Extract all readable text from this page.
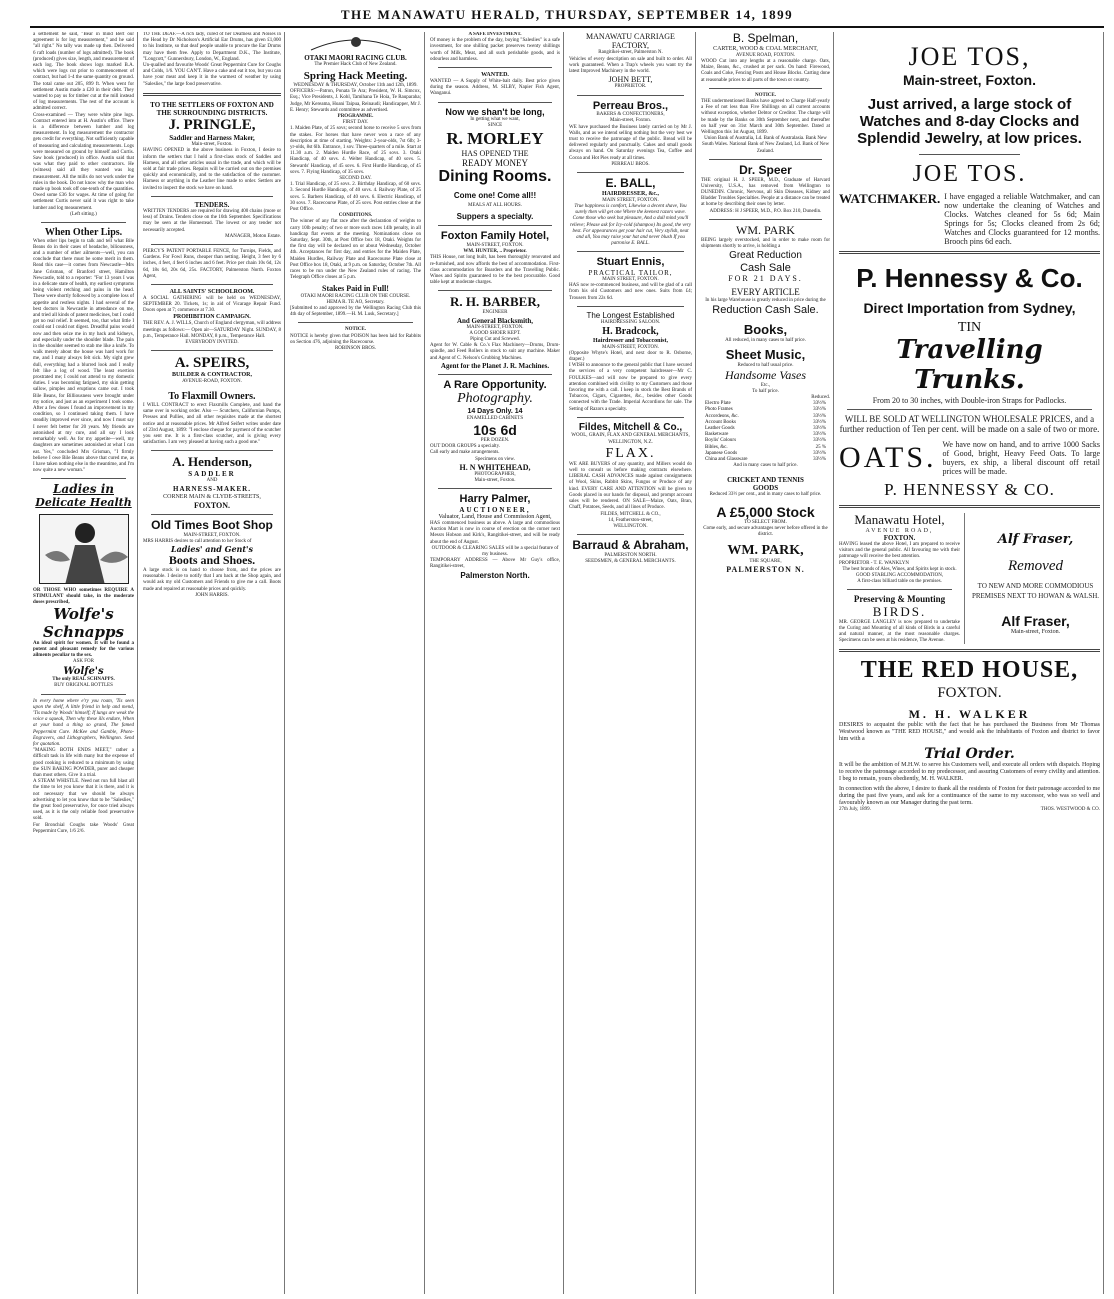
THE MANAWATU HERALD, THURSDAY, SEPTEMBER 14, 1899
a settlement he said, "Bear in mind Bert our agreement is for log measurement," and he said "all right." No tally was made up then. Delivered 6 raft loads (number of logs admitted). The book (produced) gives size, length, and measurement of each log. The book shows logs marked B.A. which were logs cut prior to commencement of contract, but had 1-4 the same quantity on ground. The total came out 205, 899 ft. When went for settlement Austin made a £20 in their debt. They wanted to pay us for timber cut at the mill instead of log measurements. The rest of the account is admitted correct.
Cross-examined — They were white pine logs. Contract entered into at H. Austin's office. There is a difference between lumber and log measurement. In log measurement the contractor gets credit for everything. Not sufficiently capable of measuring and calculating measurements. Logs were measured on ground by himself and Curtis. Saw book (produced) in office. Austin said that was what they paid to other contractors. He (witness) said all they wanted was log measurement. All the mills do not work under the rules in the book. Do not know why the man who made up book took off one-tenth of the quantities. Owed some £36 for wages. At time of going for settlement Curtis never said it was right to take lumber and log measurement.
(Left sitting.)
When Other Lips.
When other lips begin to talk and tell what Bile Beans do in their cases of headache, biliousness, and a number of other ailments—well, you can conclude that there must be some merit in them. Read this case—it comes from Newcastle—Mrs Jane Grisman, of Branford street, Hamilton Newcastle, told to a reporter: "For 13 years I was in a delicate state of health, my earliest symptoms being violent retching and pains in the head. These were shortly followed by a complete loss of appetite and restless nights. I had several of the best doctors in Newcastle in attendance on me, and tried all kinds of patent medicines, but I could get no real relief. It seemed, too, that what little I could eat I could not digest. Dreadful pains would now and then seize me in my back and kidneys, and especially under the shoulder blade. The pain in the shoulder seemed to stab me like a knife. To walk merely about the house was hard work for me, and I many always felt sick. My sight grew dull, everything had a blurred look and I really felt like a log of wood. The least exertion prostrated me; I could not attend to my domestic duties. I was becoming fatigued, my skin getting sallow, pimples and eruptions came out. I took Bile Beans, for Billiousness were brought under my notice, and just as an experiment I took some. After a few doses I found an improvement in my condition, so I continued taking them. I have steadily improved ever since, and now I must say I never felt better for 20 years. My friends are astonished at my cure, and all say I look remarkably well. As for my appetite—well, my daughters are sometimes astonished at what I can eat. Yes," concluded Mrs Grisman, "I firmly believe I owe Bile Beans above that cured me, as I have taken nothing else in the meantime, and I'm now quite a new woman."
Ladies in
Delicate Health
OR THOSE WHO sometimes REQUIRE A STIMULANT should take, in the moderate doses prescribed,
Wolfe's
Schnapps
An ideal spirit for women. It will be found a potent and pleasant remedy for the various ailments peculiar to the sex.
ASK FOR
Wolfe's
The only REAL SCHNAPPS.
BUY ORIGINAL BOTTLES
In every home where e'ry you roam, 'Tis seen upon the shelf, A little friend in help and mend, 'Tis made by Woods' himself; If lungs are weak the voice a squeak, Then why these ills endure, When at your hand a thing so grand, The famed Peppermint Cure. McKee and Gamble, Photo-Engravers, and Lithographers, Wellington. Send for quotation.
"MAKING BOTH ENDS MEET," rather a difficult task in life with many but the expense of good cooking is reduced to a minimum by using the SUN BAKING POWDER, purer and cheaper than most others. Give it a trial.
A STEAM WHISTLE. Need not run full blast all the time to let you know that it is there, and it is not necessary that we should be always advertising to let you know that to be "Saleslies," the great food preservative, for once tried always used, as it is the only reliable food preservative sold.
For Bronchial Coughs take Woods' Great Peppermint Cure, 1/6 2/6.
TO THE DEAF.—A rich lady, cured of her Deafness and Noises in the Head by Dr Nicholson's Artificial Ear Drums, has given £1,000 to his Institute, so that deaf people unable to procure the Ear Drums may have them free. Apply to Department D.K., The Institute, "Longcott," Gunnersbury, London, W., England.
Un-qualled and favourite Woods' Great Peppermint Cure for Coughs and Colds, 1/6. YOU CAN'T. Have a cake and eat it too, but you can have your meat and keep it in the warmest of weather by using "Saleslies," the large food preservative.
TO THE SETTLERS OF FOXTON AND THE SURROUNDING DISTRICTS.
J. PRINGLE,
Saddler and Harness Maker,
Main-street, Foxton.
HAVING OPENED in the above business in Foxton, I desire to inform the settlers that I hold a first-class stock of Saddles and Harness, and all other articles usual in the trade, and which will be sold at fair trade prices. Repairs will be carried out on the premises quickly and economically, and to the satisfaction of the customer. Harness or anything in the Leather line made to order. Settlers are invited to inspect the stock we have on hand.
TENDERS.
WRITTEN TENDERS are required for drawing 400 chains (more or less) of Drains. Tenders close on the 16th September. Specifications may be seen at the Homestead. The lowest or any tender not necessarily accepted.
MANAGER, Moton Estate.
PIERCY'S PATENT PORTABLE FENCE, for Turnips, Fields, and Gardens. For Fowl Runs, cheaper than netting. Height, 3 feet by 6 inches, 4 feet, 4 feet 6 inches and 6 feet. Price per chain 10s 6d, 12s 6d, 18s 6d, 20s 6d, 25s. FACTORY, Palmerston North. Foxton Agent,
ALL SAINTS' SCHOOLROOM.
A SOCIAL GATHERING will be held on WEDNESDAY, SEPTEMBER 20. Tickets, 1s; in aid of Vicarage Repair Fund. Doors open at 7; commence at 7.30.
PROHIBITION CAMPAIGN.
THE REV. A. J. WILLS, Church of England clergyman, will address meetings as follows:— Open air—SATURDAY Night. SUNDAY, 8 p.m., Temperance Hall. MONDAY, 8 p.m., Temperance Hall.
EVERYBODY INVITED.
A. SPEIRS,
BUILDER & CONTRACTOR,
AVENUE-ROAD, FOXTON.
To Flaxmill Owners.
I WILL CONTRACT to erect Flaxmills Complete, and hand the same over in working order. Also — Scutchers, Californian Pumps, Presses and Pullies, and all other requisites made at the shortest notice and at reasonable prices. Mr Alfred Seifert writes under date of 23rd August, 1899: "I enclose cheque for payment of the scutcher you sent me. It is a first-class scutcher, and is giving every satisfaction. I am very pleased at having such a good one."
A. Henderson,
SADDLER
AND
HARNESS-MAKER.
CORNER MAIN & CLYDE-STREETS,
FOXTON.
Old Times Boot Shop
MAIN-STREET, FOXTON.
MRS HARRIS desires to call attention to her Stock of
Ladies' and Gent's
Boots and Shoes.
A large stock is on hand to choose from, and the prices are reasonable. I desire to notify that I am back at the Shop again, and would ask my old Customers and Friends to give me a call. Boots made and repaired at reasonable prices and quickly.
JOHN HARRIS.
OTAKI MAORI RACING CLUB.
The Premier Hack Club of New Zealand.
Spring Hack Meeting.
WEDNESDAY & THURSDAY, October 11th and 12th, 1899.
OFFICERS:—Patron, Ponata Te Ara; President, W. H. Simcox, Esq.; Vice Presidents, J. Kohl, Tamihana Te Hoia, Te Rauparaha; Judge, Mr Kereama, Hoani Taipua, Reinaudi; Handicapper, Mr J. E. Henry; Stewards and committee as advertised.
PROGRAMME.
FIRST DAY.
1. Maiden Plate, of 25 sovs; second horse to receive 5 sovs from the stakes. For horses that have never won a race of any description at time of starting. Weights: 2-year-olds, 7st 6lb; 3-yr-olds, 8st 6lb. Entrance, 1 sov. Three-quarters of a mile. Start at 11.30 a.m. 2. Maiden Hurdle Race, of 25 sovs. 3. Otaki Handicap, of 40 sovs. 4. Welter Handicap, of 40 sovs. 5. Stewards' Handicap, of 45 sovs. 6. First Hurdle Handicap, of 45 sovs. 7. Flying Handicap, of 35 sovs.
SECOND DAY.
1. Trial Handicap, of 25 sovs. 2. Birthday Handicap, of 60 sovs. 3. Second Hurdle Handicap, of 40 sovs. 4. Railway Plate, of 25 sovs. 5. Barbers Handicap, of 40 sovs. 6. Electric Handicap, of 30 sovs. 7. Racecourse Plate, of 25 sovs. Post entries close at the Post Office.
CONDITIONS.
The winner of any flat race after the declaration of weights to carry 10lb penalty; of two or more such races 14lb penalty, in all handicap flat events at the meeting. Nominations close on Saturday, Sept. 30th, at Post Office box 18, Otaki. Weights for the first day will be declared on or about Wednesday, October 4th. Acceptances for first day, and entries for the Maiden Plate, Maiden Hurdles, Railway Plate and Racecourse Plate close at Post Office box 18, Otaki, at 9 p.m. on Saturday, October 7th. All races to be run under the New Zealand rules of racing. The Telegraph Office closes at 5 p.m.
Stakes Paid in Full!
OTAKI MAORI RACING CLUB ON THE COURSE.
HEMA R. TE AO, Secretary.
[Submitted to and approved by the Wellington Racing Club this 4th day of September, 1899.—H. M. Lusk, Secretary.]
NOTICE.
NOTICE is hereby given that POISON has been laid for Rabbits on Section 476, adjoining the Racecourse.
ROBINSON BROS.
A SAFE INVESTMENT.
Of money is the problem of the day, buying "Saleslies" is a safe investment, for one shilling packet preserves twenty shillings worth of Milk, Meat, and all such perishable goods, and is odourless and harmless.
WANTED.
WANTED — A Supply of White-bait daily. Best price given during the season. Address, M. SILBY, Napier Fish Agent, Wanganui.
Now we shan't be long,
In getting what we want,
SINCE
R. MORLEY
HAS OPENED THE
READY MONEY
Dining Rooms.
Come one! Come all!!
MEALS AT ALL HOURS.
Suppers a specialty.
Foxton Family Hotel,
MAIN-STREET, FOXTON.
WM. HUNTER, .. Proprietor.
THIS House, not long built, has been thoroughly renovated and re-furnished, and now affords the best of accommodation. First-class accommodation for Boarders and the Travelling Public. Wines and Spirits guaranteed to be the best procurable. Good table kept at moderate charges.
R. H. BARBER,
ENGINEER
And General Blacksmith,
MAIN-STREET, FOXTON.
A GOOD SHOER KEPT.
Piping Cut and Screwed.
Agent for W. Cable & Co.'s Flax Machinery—Drums, Drum-spindle, and Feed Rollers in stock to suit any machine. Maker and Agent of C. Nelson's Grubbing Machines.
Agent for the Planet J. R. Machines.
A Rare Opportunity.
Photography.
14 Days Only. 14
ENAMELLED CABINETS
10s 6d
PER DOZEN.
OUT DOOR GROUPS a specialty.
Call early and make arrangements.
Specimens on view.
H. N WHITEHEAD,
PHOTOGRAPHER,
Main-street, Foxton.
Harry Palmer,
AUCTIONEER,
Valuator, Land, House and Commission Agent,
HAS commenced business as above. A large and commodious Auction Mart is now in course of erection on the corner next Messrs Hobson and Kirk's, Rangitikei-street, and will be ready about the end of August.
OUTDOOR & CLEARING SALES will be a special feature of my business.
TEMPORARY ADDRESS — Above Mr Guy's office, Rangitikei-street,
Palmerston North.
MANAWATU CARRIAGE FACTORY,
Rangitikei-street, Palmerston N.
Vehicles of every description on sale and built to order. All work guaranteed. When a Trap's wheels you want try the latest Improved Machinery in the world.
JOHN BETT,
PROPRIETOR.
Perreau Bros.,
BAKERS & CONFECTIONERS,
Main-street, Foxton.
WE have purchased the Business lately carried on by Mr J. Walls, and as we intend selling nothing but the very best we trust to receive the patronage of the public. Bread will be delivered regularly and punctually. Cakes and small goods always on hand. On Saturday evenings Tea, Coffee and Cocoa and Hot Pies ready at all times.
PERREAU BROS.
E. BALL,
HAIRDRESSER, &c.,
MAIN STREET, FOXTON.
True happiness is comfort, Likewise a decent shave, You surely then will get one Where the keenest razors wave. Come those who seek but pleasure, And a dull mind you'll relieve; Please ask for Icy-cold (shampoo) Its good, the very best. For appearances get your hair cut, Very stylish, neat and all, You may raise your hat and never blush If you patronise E. BALL.
Stuart Ennis,
PRACTICAL TAILOR,
MAIN STREET, FOXTON.
HAS now re-commenced business, and will be glad of a call from his old Customers and new ones. Suits from £4; Trousers from 22s 6d.
The Longest Established
HAIRDRESSING SALOON.
H. Bradcock,
Hairdresser and Tobacconist,
MAIN-STREET, FOXTON.
(Opposite Whyte's Hotel, and next door to R. Osborne, draper.)
I WISH to announce to the general public that I have secured the services of a very competent hairdresser—Mr C. FOULKES—and will now be prepared to give every attention combined with civility to my Customers and those favoring me with a call. I keep in stock the Best Brands of Tobaccos, Cigars, Cigarettes, &c., besides other Goods connected with the Trade. Imperial Accordions for sale. The Setting of Razors a specialty.
Fildes, Mitchell & Co.,
WOOL, GRAIN, FLAX AND GENERAL MERCHANTS,
WELLINGTON, N.Z.
FLAX.
WE ARE BUYERS of any quantity, and Millers would do well to consult us before making contracts elsewhere. LIBERAL CASH ADVANCES made against consignments of Wool, Skins, Rabbit Skins, Fungus or Produce of any kind. EVERY CARE AND ATTENTION will be given to Goods placed in our hands for disposal, and prompt account sales will be rendered. ON SALE—Maize, Oats, Bran, Chaff, Potatoes, Seeds, and all lines of Produce.
FILDES, MITCHELL & CO.,
14, Featherston-street,
WELLINGTON.
Barraud & Abraham,
PALMERSTON NORTH.
SEEDSMEN, & GENERAL MERCHANTS.
B. Spelman,
CARTER, WOOD & COAL MERCHANT,
AVENUE ROAD, FOXTON.
WOOD Cut into any lengths at a reasonable charge. Oats, Maize, Beans, &c., crushed at per sack. On hand: Firewood, Coals and Coke, Fencing Posts and House Blocks. Carting done at reasonable prices to all parts of the town or country.
NOTICE.
THE undermentioned Banks have agreed to Charge Half-yearly a Fee of not less than Five Shillings on all current accounts without exception, whether Debtor or Creditor. The charge will be made by the Banks on 30th September next, and thereafter on half year on 31st March and 30th September. Dated at Wellington this 1st August, 1899.
Union Bank of Australia, Ld. Bank of Australasia. Bank New South Wales. National Bank of New Zealand, Ld. Bank of New Zealand.
Dr. Speer
THE original H. J. SPEER, M.D., Graduate of Harvard University, U.S.A., has removed from Wellington to DUNEDIN. Chronic, Nervous, all Skin Diseases, Kidney and Bladder Troubles Specialties. People at a distance can be treated at home by describing their ones by letter.
ADDRESS: H J SPEER, M.D., P.O. Box 210, Dunedin.
WM. PARK
BEING largely overstocked, and in order to make room for shipments shortly to arrive, is holding a
Great Reduction
Cash Sale
FOR 21 DAYS.
EVERY ARTICLE
In his large Warehouse is greatly reduced in price during the
Reduction Cash Sale.
Books,
All reduced, in many cases to half price.
Sheet Music,
Reduced to half usual price.
Handsome Vases
Etc.,
To half price.
Reduced.
Electro Plate	33½%
Photo Frames	33½%
Accordeons, &c.	33½%
Account Books	33½%
Leather Goods	33½%
Basketware	33½%
Boylis' Colours	33½%
Bibles, &c.	25 %
Japanese Goods	33½%
China and Glassware	33½%
And in many cases to half price.
CRICKET AND TENNIS
GOODS
Reduced 33½ per cent., and in many cases to half price.
A £5,000 Stock
TO SELECT FROM.
Come early, and secure advantages never before offered in the district.
WM. PARK,
THE SQUARE,
PALMERSTON N.
JOE TOS,
Main-street, Foxton.
Just arrived, a large stock of Watches and 8-day Clocks and Splendid Jewelry, at low prices.
JOE TOS.
WATCHMAKER. I have engaged a reliable Watchmaker, and can now undertake the cleaning of Watches and Clocks. Watches cleaned for 5s 6d; Main Springs for 5s; Clocks cleaned from 2s 6d; Watches and Clocks guaranteed for 12 months. Brooch pins 6d each.
P. Hennessy & Co.
Direct Importation from Sydney,
TIN
Travelling Trunks.
From 20 to 30 inches, with Double-iron Straps for Padlocks.
WILL BE SOLD AT WELLINGTON WHOLESALE PRICES, and a further reduction of Ten per cent. will be made on a sale of two or more.
OATS. We have now on hand, and to arrive 1000 Sacks of Good, bright, Heavy Feed Oats. To large buyers, ex ship, a liberal discount off retail prices will be made.
P. HENNESSY & CO.
Manawatu Hotel,
AVENUE ROAD,
FOXTON.
HAVING leased the above Hotel, I am prepared to receive visitors and the general public. All favouring me with their patronage will receive the best attention.
PROPRIETOR - T. E. WANKLYN
The best brands of Ales, Wines, and Spirits kept in stock.
GOOD STABLING ACCOMMODATION,
A first-class billiard table on the premises.
Preserving & Mounting
BIRDS.
MR. GEORGE LANGLEY is now prepared to undertake the Curing and Mounting of all kinds of Birds in a careful and natural manner, at the most reasonable charges. Specimens can be seen at his residence, The Avenue.
Alf Fraser,
Removed
TO NEW AND MORE COMMODIOUS PREMISES NEXT TO HOWAN & WALSH.
Alf Fraser,
Main-street, Foxton.
THE RED HOUSE,
FOXTON.
M. H. WALKER
DESIRES to acquaint the public with the fact that he has purchased the Business from Mr Thomas Westwood known as "THE RED HOUSE," and would ask the inhabitants of Foxton and district to favor him with a
Trial Order.
It will be the ambition of M.H.W. to serve his Customers well, and execute all orders with dispatch. Hoping to receive the patronage accorded to my predecessor, and assuring Customers of every civility and attention. I beg to remain, yours obediently, M. H. WALKER.
In connection with the above, I desire to thank all the residents of Foxton for their patronage accorded to me during the past five years, and ask for a continuance of the same to my successor, who was so well and favourably known as our Manager during the past term.
27th July, 1899.	THOS. WESTWOOD & CO.
